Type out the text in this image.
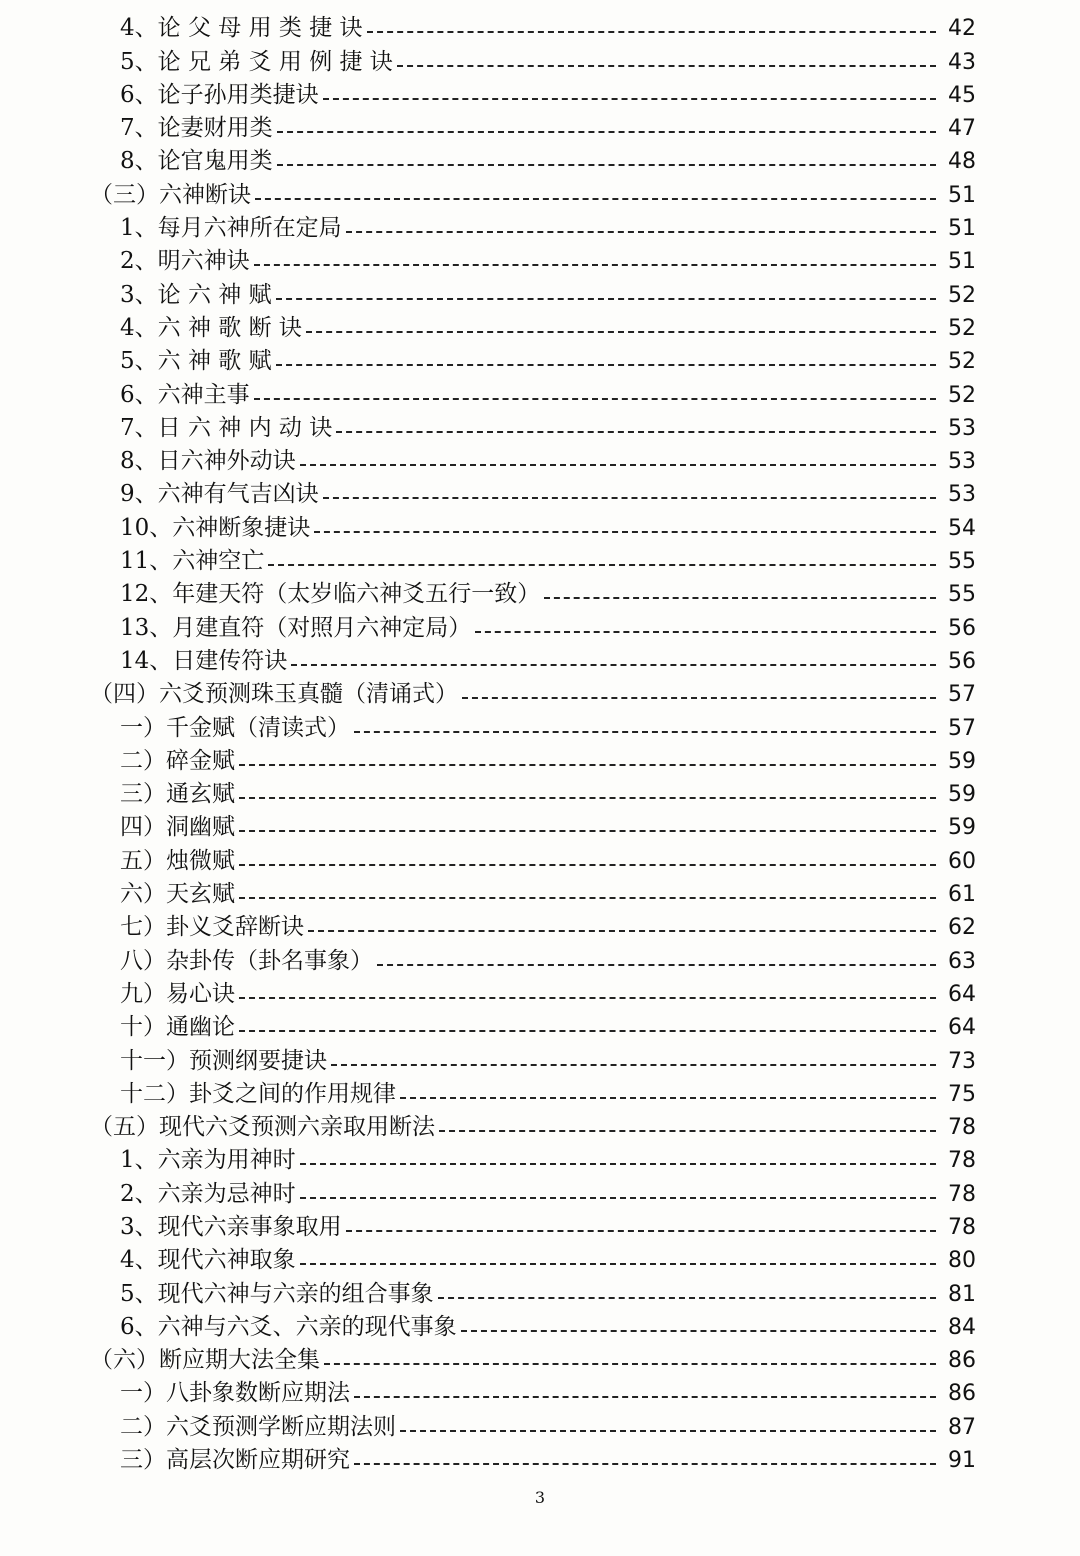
4、论 父 母 用 类 捷 诀	42
5、论 兄 弟 爻 用 例 捷 诀	43
6、论子孙用类捷诀	45
7、论妻财用类	47
8、论官鬼用类	48
（三）六神断诀	51
1、每月六神所在定局	51
2、明六神诀	51
3、论 六 神 赋	52
4、六 神 歌 断 诀	52
5、六 神 歌 赋	52
6、六神主事	52
7、日 六 神 内 动 诀	53
8、日六神外动诀	53
9、六神有气吉凶诀	53
10、六神断象捷诀	54
11、六神空亡	55
12、年建天符（太岁临六神爻五行一致）	55
13、月建直符（对照月六神定局）	56
14、日建传符诀	56
（四）六爻预测珠玉真髓（清诵式）	57
一）千金赋（清读式）	57
二）碎金赋	59
三）通玄赋	59
四）洞幽赋	59
五）烛微赋	60
六）天玄赋	61
七）卦义爻辞断诀	62
八）杂卦传（卦名事象）	63
九）易心诀	64
十）通幽论	64
十一）预测纲要捷诀	73
十二）卦爻之间的作用规律	75
（五）现代六爻预测六亲取用断法	78
1、六亲为用神时	78
2、六亲为忌神时	78
3、现代六亲事象取用	78
4、现代六神取象	80
5、现代六神与六亲的组合事象	81
6、六神与六爻、六亲的现代事象	84
（六）断应期大法全集	86
一）八卦象数断应期法	86
二）六爻预测学断应期法则	87
三）高层次断应期研究	91
3
